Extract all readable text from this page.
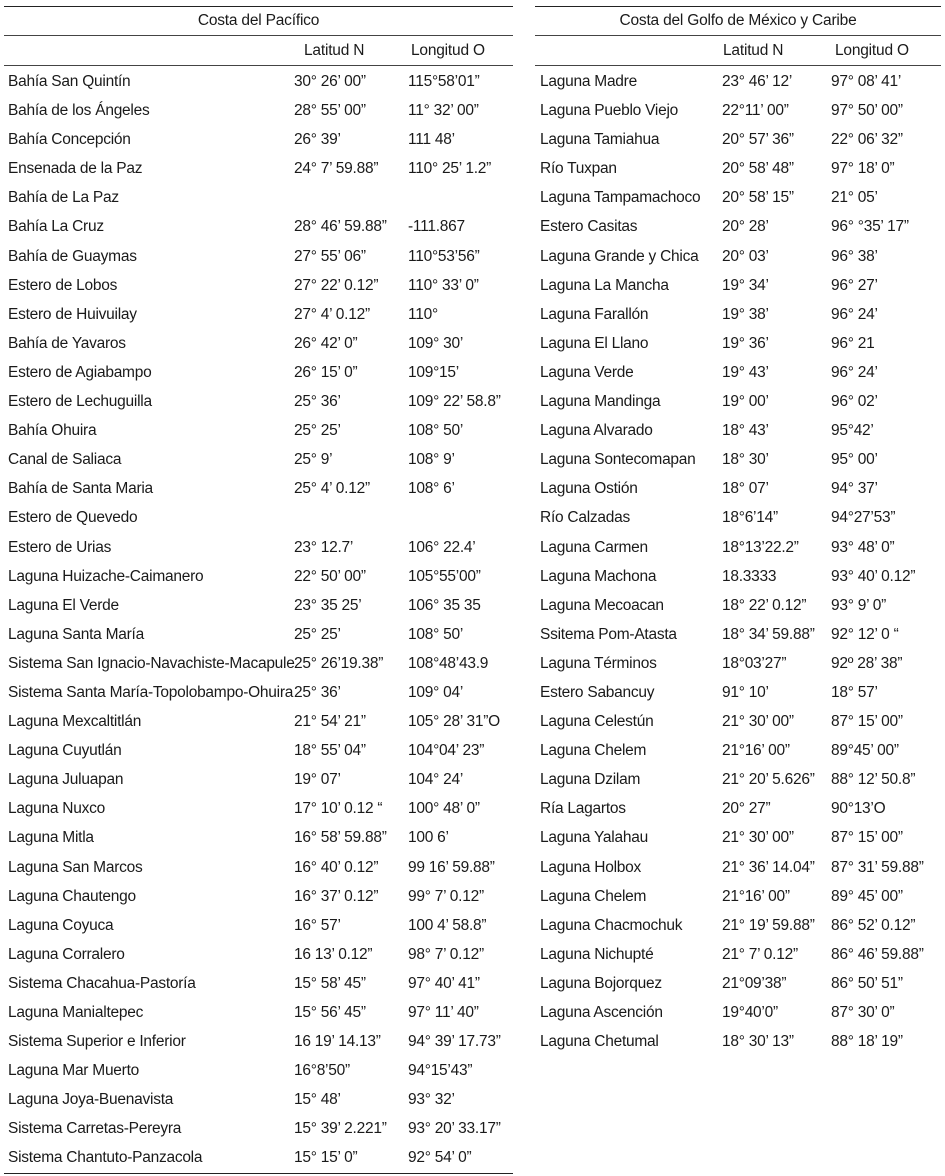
Costa del Pacífico
Latitud N	Longitud O
Bahía San Quintín	30° 26’ 00”	115°58’01”
Bahía de los Ángeles	28° 55’ 00”	11° 32’ 00”
Bahía Concepción	26° 39’	111 48’
Ensenada de la Paz	24° 7’ 59.88”	110° 25’ 1.2”
Bahía de La Paz
Bahía La Cruz	28° 46’ 59.88”	-111.867
Bahía de Guaymas	27° 55’ 06”	110°53’56”
Estero de Lobos	27° 22’ 0.12”	110° 33’ 0”
Estero de Huivuilay	27° 4’ 0.12”	110°
Bahía de Yavaros	26° 42’ 0”	109° 30’
Estero de Agiabampo	26° 15’ 0”	109°15’
Estero de Lechuguilla	25° 36’	109° 22’ 58.8”
Bahía Ohuira	25° 25’	108° 50’
Canal de Saliaca	25° 9’	108° 9’
Bahía de Santa Maria	25° 4’ 0.12”	108° 6’
Estero de Quevedo
Estero de Urias	23° 12.7’	106° 22.4’
Laguna Huizache-Caimanero	22° 50’ 00”	105°55’00”
Laguna El Verde	23° 35 25’	106° 35 35
Laguna Santa María	25° 25’	108° 50’
Sistema San Ignacio-Navachiste-Macapule 25° 26’19.38”	108°48’43.9
Sistema Santa María-Topolobampo-Ohuira 25° 36’	109° 04’
Laguna Mexcaltitlán	21° 54’ 21”	105° 28’ 31”O
Laguna Cuyutlán	18° 55’ 04”	104°04’ 23”
Laguna Juluapan	19° 07’	104° 24’
Laguna Nuxco	17° 10’ 0.12 “	100° 48’ 0”
Laguna Mitla	16° 58’ 59.88”	100 6’
Laguna San Marcos	16° 40’ 0.12”	99 16’ 59.88”
Laguna Chautengo	16° 37’ 0.12”	99° 7’ 0.12”
Laguna Coyuca	16° 57’	100 4’ 58.8”
Laguna Corralero	16 13’ 0.12”	98° 7’ 0.12”
Sistema Chacahua-Pastoría	15° 58’ 45”	97° 40’ 41”
Laguna Manialtepec	15° 56’ 45”	97° 11’ 40”
Sistema Superior e Inferior	16 19’ 14.13”	94° 39’ 17.73”
Laguna Mar Muerto	16°8’50”	94°15’43”
Laguna Joya-Buenavista	15° 48’	93° 32’
Sistema Carretas-Pereyra	15° 39’ 2.221”	93° 20’ 33.17”
Sistema Chantuto-Panzacola	15° 15’ 0”	92° 54’ 0”
Costa del Golfo de México y Caribe
Latitud N	Longitud O
Laguna Madre	23° 46’ 12’	97° 08’ 41’
Laguna Pueblo Viejo	22°11’ 00”	97° 50’ 00”
Laguna Tamiahua	20° 57’ 36”	22° 06’ 32”
Río Tuxpan	20° 58’ 48”	97° 18’ 0”
Laguna Tampamachoco	20° 58’ 15”	21° 05’
Estero Casitas	20° 28’	96° °35’ 17”
Laguna Grande y Chica	20° 03’	96° 38’
Laguna La Mancha	19° 34’	96° 27’
Laguna Farallón	19° 38’	96° 24’
Laguna El Llano	19° 36’	96° 21
Laguna Verde	19° 43’	96° 24’
Laguna Mandinga	19° 00’	96° 02’
Laguna Alvarado	18° 43’	95°42’
Laguna Sontecomapan	18° 30’	95° 00’
Laguna Ostión	18° 07’	94° 37’
Río Calzadas	18°6’14”	94°27’53”
Laguna Carmen	18°13’22.2”	93° 48’ 0”
Laguna Machona	18.3333	93° 40’ 0.12”
Laguna Mecoacan	18° 22’ 0.12”	93° 9’ 0”
Ssitema Pom-Atasta	18° 34’ 59.88”	92° 12’ 0 “
Laguna Términos	18°03’27”	92º 28’ 38”
Estero Sabancuy	91° 10’	18° 57’
Laguna Celestún	21° 30’ 00”	87° 15’ 00”
Laguna Chelem	21°16’ 00”	89°45’ 00”
Laguna Dzilam	21° 20’ 5.626”	88° 12’ 50.8”
Ría Lagartos	20° 27”	90°13’O
Laguna Yalahau	21° 30’ 00”	87° 15’ 00”
Laguna Holbox	21° 36’ 14.04”	87° 31’ 59.88”
Laguna Chelem	21°16’ 00”	89° 45’ 00”
Laguna Chacmochuk	21° 19’ 59.88”	86° 52’ 0.12”
Laguna Nichupté	21° 7’ 0.12”	86° 46’ 59.88”
Laguna Bojorquez	21°09’38”	86° 50’ 51”
Laguna Ascención	19°40’0”	87° 30’ 0”
Laguna Chetumal	18° 30’ 13”	88° 18’ 19”
